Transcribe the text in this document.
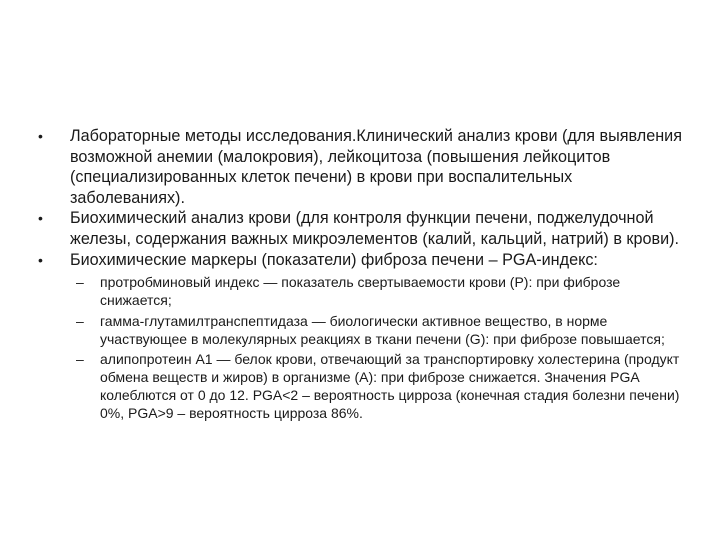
• Лабораторные методы исследования.Клинический анализ крови (для выявления возможной анемии (малокровия), лейкоцитоза (повышения лейкоцитов (специализированных клеток печени) в крови при воспалительных заболеваниях).
• Биохимический анализ крови (для контроля функции печени, поджелудочной железы, содержания важных микроэлементов (калий, кальций, натрий) в крови).
• Биохимические маркеры (показатели) фиброза печени – PGA-индекс:
– протробминовый индекс — показатель свертываемости крови (P): при фиброзе снижается;
– гамма-глутамилтранспептидаза — биологически активное вещество, в норме участвующее в молекулярных реакциях в ткани печени (G): при фиброзе повышается;
– алипопротеин A1 — белок крови, отвечающий за транспортировку холестерина (продукт обмена веществ и жиров) в организме (A): при фиброзе снижается. Значения PGA колеблются от 0 до 12. PGA<2 – вероятность цирроза (конечная стадия болезни печени) 0%, PGA>9 – вероятность цирроза 86%.
